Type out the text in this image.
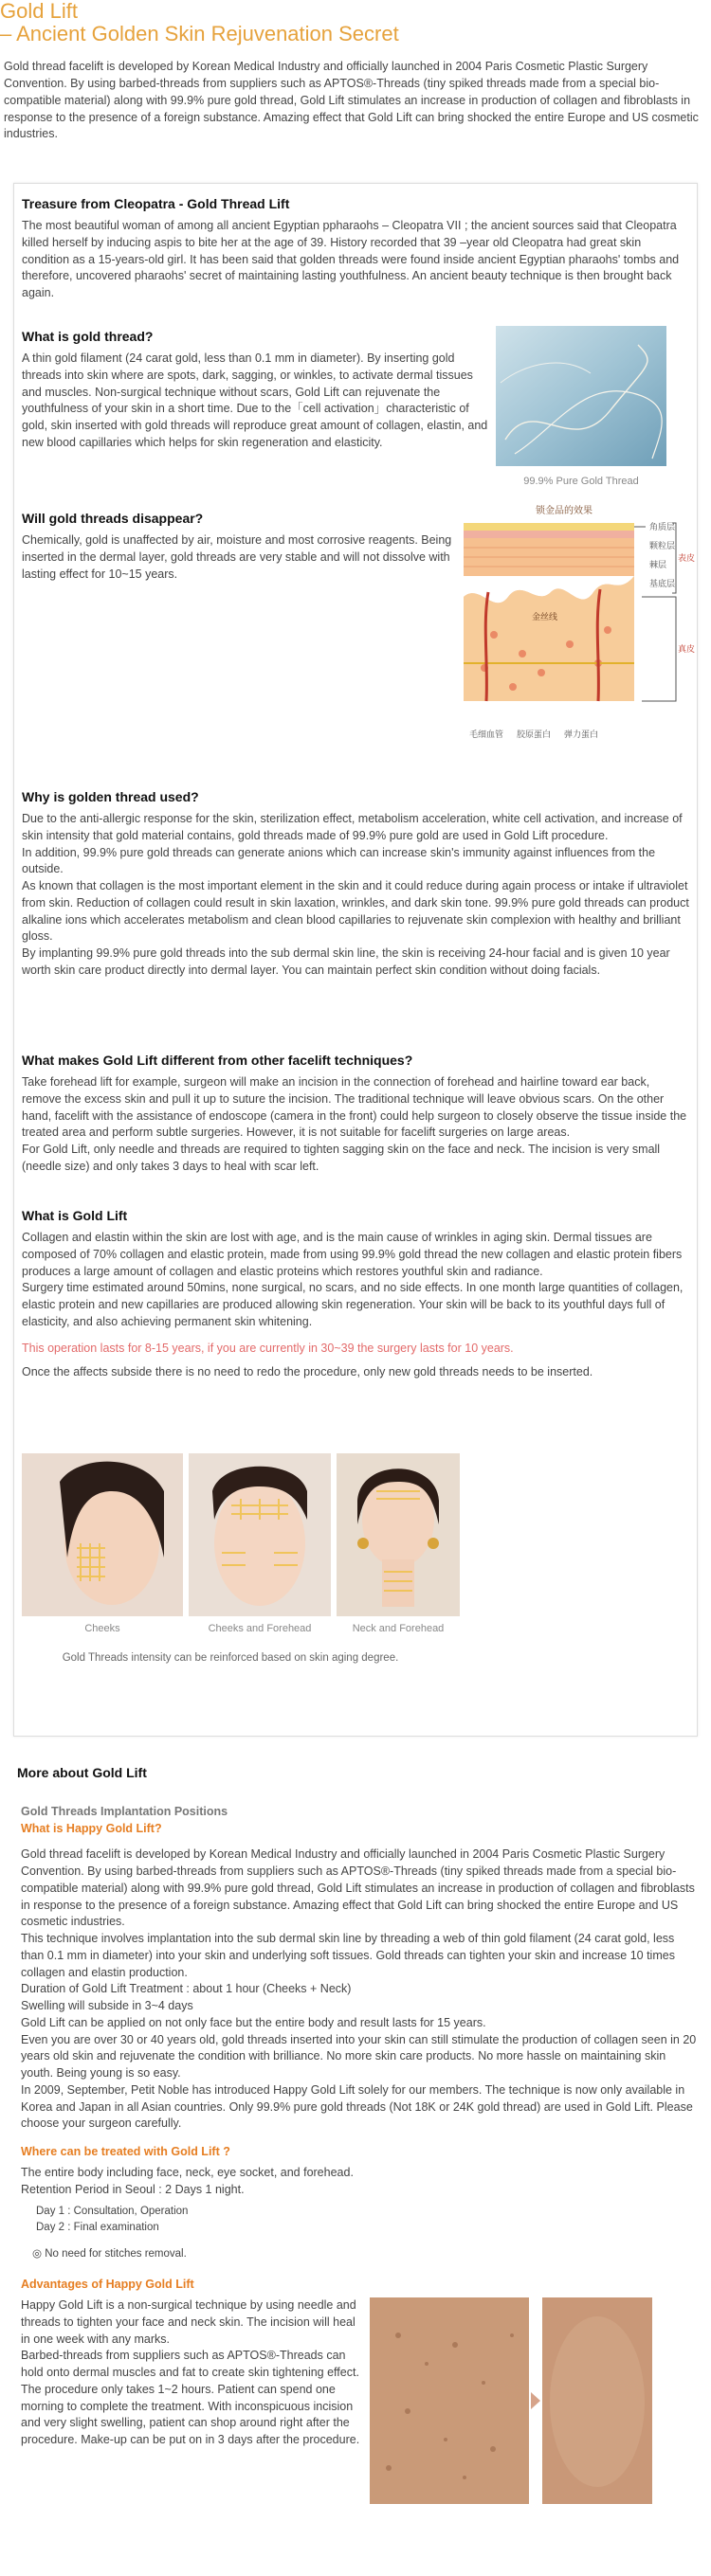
Gold Lift
– Ancient Golden Skin Rejuvenation Secret

Gold thread facelift is developed by Korean Medical Industry and officially launched in 2004 Paris Cosmetic Plastic Surgery Convention. By using barbed-threads from suppliers such as APTOS®-Threads (tiny spiked threads made from a special bio-compatible material) along with 99.9% pure gold thread, Gold Lift stimulates an increase in production of collagen and fibroblasts in response to the presence of a foreign substance. Amazing effect that Gold Lift can bring shocked the entire Europe and US cosmetic industries.

Treasure from Cleopatra - Gold Thread Lift

The most beautiful woman of among all ancient Egyptian ppharaohs – Cleopatra VII ; the ancient sources said that Cleopatra killed herself by inducing aspis to bite her at the age of 39. History recorded that 39 –year old Cleopatra had great skin condition as a 15-years-old girl. It has been said that golden threads were found inside ancient Egyptian pharaohs' tombs and therefore, uncovered pharaohs' secret of maintaining lasting youthfulness. An ancient beauty technique is then brought back again.

What is gold thread?

A thin gold filament (24 carat gold, less than 0.1 mm in diameter). By inserting gold threads into skin where are spots, dark, sagging, or winkles, to activate dermal tissues and muscles. Non-surgical technique without scars, Gold Lift can rejuvenate the youthfulness of your skin in a short time. Due to the「cell activation」characteristic of gold, skin inserted with gold threads will reproduce great amount of collagen, elastin, and new blood capillaries which helps for skin regeneration and elasticity.

99.9% Pure Gold Thread
Will gold threads disappear?

Chemically, gold is unaffected by air, moisture and most corrosive reagents. Being inserted in the dermal layer, gold threads are very stable and will not dissolve with lasting effect for 10~15 years.

锁金品的效果
金丝线
角质层
颗粒层
棘层
基底层
表皮
真皮
毛细血管 胶原蛋白 弹力蛋白
Why is golden thread used?

Due to the anti-allergic response for the skin, sterilization effect, metabolism acceleration, white cell activation, and increase of skin intensity that gold material contains, gold threads made of 99.9% pure gold are used in Gold Lift procedure.

In addition, 99.9% pure gold threads can generate anions which can increase skin's immunity against influences from the outside.

As known that collagen is the most important element in the skin and it could reduce during again process or intake if ultraviolet from skin. Reduction of collagen could result in skin laxation, wrinkles, and dark skin tone. 99.9% pure gold threads can product alkaline ions which accelerates metabolism and clean blood capillaries to rejuvenate skin complexion with healthy and brilliant gloss.

By implanting 99.9% pure gold threads into the sub dermal skin line, the skin is receiving 24-hour facial and is given 10 year worth skin care product directly into dermal layer. You can maintain perfect skin condition without doing facials.

What makes Gold Lift different from other facelift techniques?

Take forehead lift for example, surgeon will make an incision in the connection of forehead and hairline toward ear back, remove the excess skin and pull it up to suture the incision. The traditional technique will leave obvious scars. On the other hand, facelift with the assistance of endoscope (camera in the front) could help surgeon to closely observe the tissue inside the treated area and perform subtle surgeries. However, it is not suitable for facelift surgeries on large areas.

For Gold Lift, only needle and threads are required to tighten sagging skin on the face and neck. The incision is very small (needle size) and only takes 3 days to heal with scar left.

What is Gold Lift

Collagen and elastin within the skin are lost with age, and is the main cause of wrinkles in aging skin. Dermal tissues are composed of 70% collagen and elastic protein, made from using 99.9% gold thread the new collagen and elastic protein fibers produces a large amount of collagen and elastic proteins which restores youthful skin and radiance.

Surgery time estimated around 50mins, none surgical, no scars, and no side effects. In one month large quantities of collagen, elastic protein and new capillaries are produced allowing skin regeneration. Your skin will be back to its youthful days full of elasticity, and also achieving permanent skin whitening.

This operation lasts for 8-15 years, if you are currently in 30~39 the surgery lasts for 10 years.

Once the affects subside there is no need to redo the procedure, only new gold threads needs to be inserted.

Cheeks	Cheeks and Forehead	Neck and Forehead
Gold Threads intensity can be reinforced based on skin aging degree.
More about Gold Lift
Gold Threads Implantation Positions
What is Happy Gold Lift?

Gold thread facelift is developed by Korean Medical Industry and officially launched in 2004 Paris Cosmetic Plastic Surgery Convention. By using barbed-threads from suppliers such as APTOS®-Threads (tiny spiked threads made from a special bio-compatible material) along with 99.9% pure gold thread, Gold Lift stimulates an increase in production of collagen and fibroblasts in response to the presence of a foreign substance. Amazing effect that Gold Lift can bring shocked the entire Europe and US cosmetic industries.

This technique involves implantation into the sub dermal skin line by threading a web of thin gold filament (24 carat gold, less than 0.1 mm in diameter) into your skin and underlying soft tissues. Gold threads can tighten your skin and increase 10 times collagen and elastin production.

Duration of Gold Lift Treatment : about 1 hour (Cheeks + Neck)

Swelling will subside in 3~4 days

Gold Lift can be applied on not only face but the entire body and result lasts for 15 years.

Even you are over 30 or 40 years old, gold threads inserted into your skin can still stimulate the production of collagen seen in 20 years old skin and rejuvenate the condition with brilliance. No more skin care products. No more hassle on maintaining skin youth. Being young is so easy.

In 2009, September, Petit Noble has introduced Happy Gold Lift solely for our members. The technique is now only available in Korea and Japan in all Asian countries. Only 99.9% pure gold threads (Not 18K or 24K gold thread) are used in Gold Lift. Please choose your surgeon carefully.

Where can be treated with Gold Lift ?

The entire body including face, neck, eye socket, and forehead.

Retention Period in Seoul : 2 Days 1 night.

Day 1 : Consultation, Operation

Day 2 : Final examination

◎ No need for stitches removal.

Advantages of Happy Gold Lift

Happy Gold Lift is a non-surgical technique by using needle and threads to tighten your face and neck skin. The incision will heal in one week with any marks.

Barbed-threads from suppliers such as APTOS®-Threads can hold onto dermal muscles and fat to create skin tightening effect.

The procedure only takes 1~2 hours. Patient can spend one morning to complete the treatment. With inconspicuous incision and very slight swelling, patient can shop around right after the procedure. Make-up can be put on in 3 days after the procedure.
